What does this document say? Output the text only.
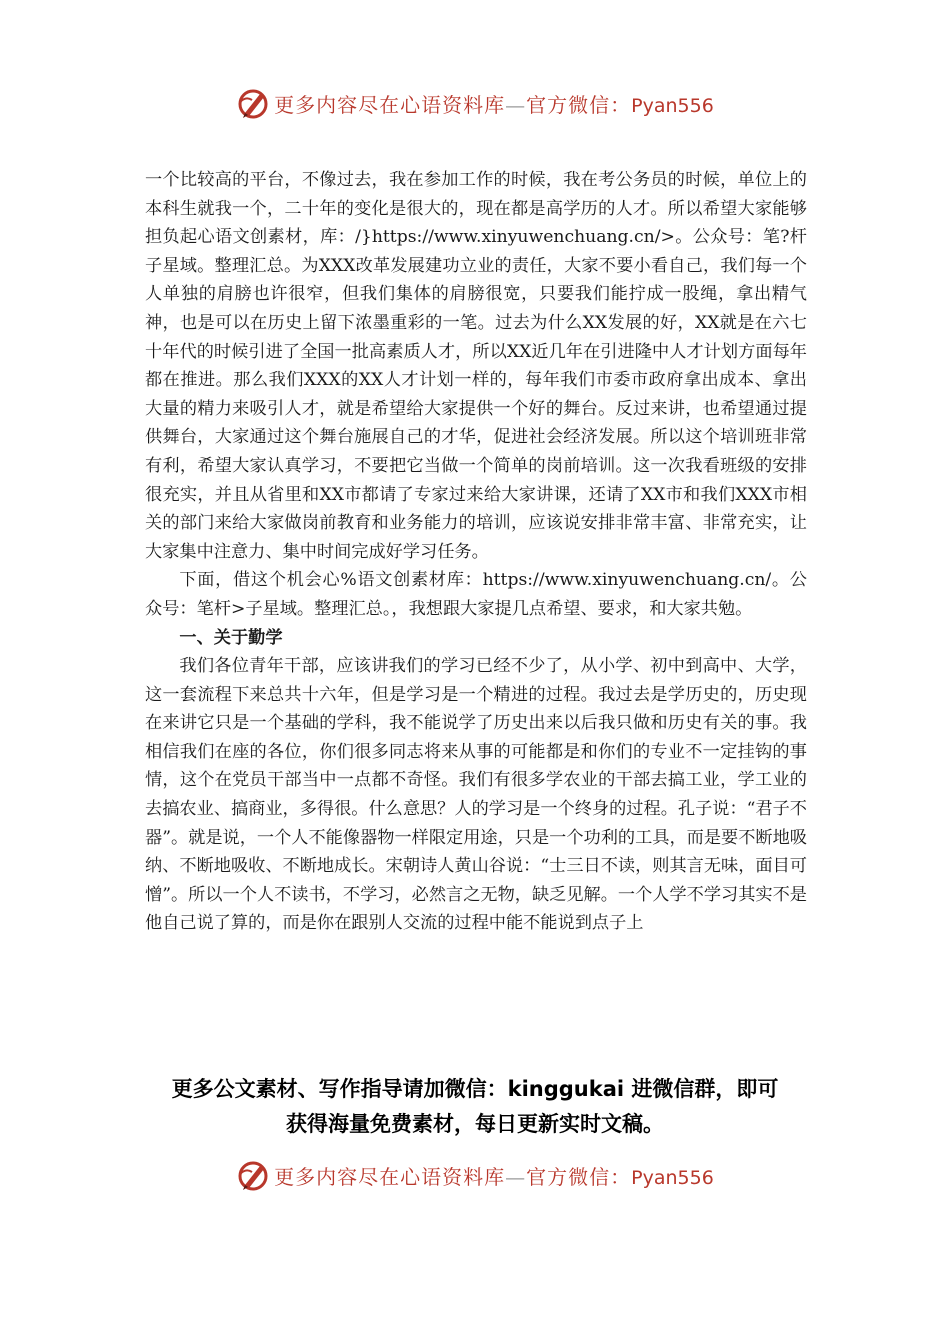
更多内容尽在心语资料库—官方微信：Pyan556

一个比较高的平台，不像过去，我在参加工作的时候，我在考公务员的时候，单位上的本科生就我一个，二十年的变化是很大的，现在都是高学历的人才。所以希望大家能够担负起心语文创素材，库：/}https://www.xinyuwenchuang.cn/>。公众号：笔?杆子星域。整理汇总。为XXX改革发展建功立业的责任，大家不要小看自己，我们每一个人单独的肩膀也许很窄，但我们集体的肩膀很宽，只要我们能拧成一股绳，拿出精气神，也是可以在历史上留下浓墨重彩的一笔。过去为什么XX发展的好，XX就是在六七十年代的时候引进了全国一批高素质人才，所以XX近几年在引进隆中人才计划方面每年都在推进。那么我们XXX的XX人才计划一样的，每年我们市委市政府拿出成本、拿出大量的精力来吸引人才，就是希望给大家提供一个好的舞台。反过来讲，也希望通过提供舞台，大家通过这个舞台施展自己的才华，促进社会经济发展。所以这个培训班非常有利，希望大家认真学习，不要把它当做一个简单的岗前培训。这一次我看班级的安排很充实，并且从省里和XX市都请了专家过来给大家讲课，还请了XX市和我们XXX市相关的部门来给大家做岗前教育和业务能力的培训，应该说安排非常丰富、非常充实，让大家集中注意力、集中时间完成好学习任务。

下面，借这个机会心%语文创素材库：https://www.xinyuwenchuang.cn/。公众号：笔杆>子星域。整理汇总。，我想跟大家提几点希望、要求，和大家共勉。

一、关于勤学

我们各位青年干部，应该讲我们的学习已经不少了，从小学、初中到高中、大学，这一套流程下来总共十六年，但是学习是一个精进的过程。我过去是学历史的，历史现在来讲它只是一个基础的学科，我不能说学了历史出来以后我只做和历史有关的事。我相信我们在座的各位，你们很多同志将来从事的可能都是和你们的专业不一定挂钩的事情，这个在党员干部当中一点都不奇怪。我们有很多学农业的干部去搞工业，学工业的去搞农业、搞商业，多得很。什么意思？人的学习是一个终身的过程。孔子说：“君子不器”。就是说，一个人不能像器物一样限定用途，只是一个功利的工具，而是要不断地吸纳、不断地吸收、不断地成长。宋朝诗人黄山谷说：“士三日不读，则其言无味，面目可憎”。所以一个人不读书，不学习，必然言之无物，缺乏见解。一个人学不学习其实不是他自己说了算的，而是你在跟别人交流的过程中能不能说到点子上

更多公文素材、写作指导请加微信：kinggukai 进微信群，即可
获得海量免费素材，每日更新实时文稿。
更多内容尽在心语资料库—官方微信：Pyan556
